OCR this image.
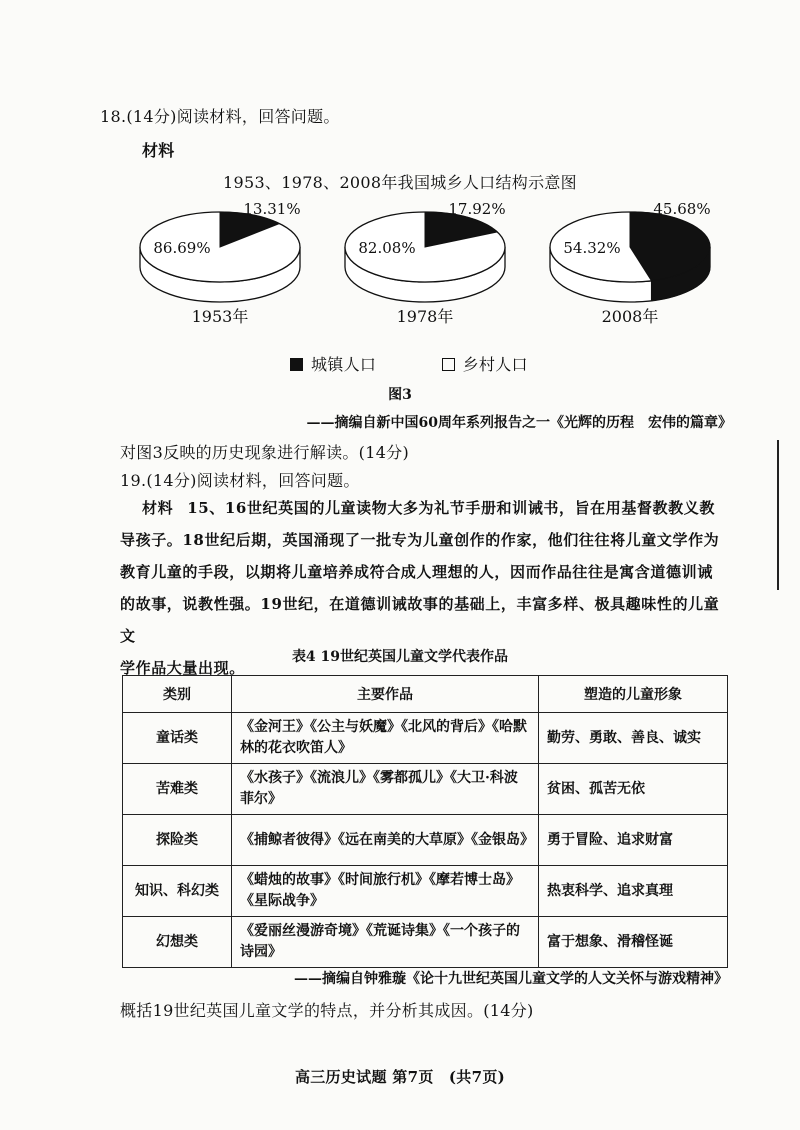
18.(14分)阅读材料，回答问题。
材料
1953、1978、2008年我国城乡人口结构示意图
13.31%
86.69%
1953年
17.92%
82.08%
1978年
45.68%
54.32%
2008年
城镇人口	乡村人口
图3
——摘编自新中国60周年系列报告之一《光辉的历程　宏伟的篇章》
对图3反映的历史现象进行解读。(14分)
19.(14分)阅读材料，回答问题。
材料 15、16世纪英国的儿童读物大多为礼节手册和训诫书，旨在用基督教教义教
导孩子。18世纪后期，英国涌现了一批专为儿童创作的作家，他们往往将儿童文学作为
教育儿童的手段，以期将儿童培养成符合成人理想的人，因而作品往往是寓含道德训诫
的故事，说教性强。19世纪，在道德训诫故事的基础上，丰富多样、极具趣味性的儿童文
学作品大量出现。
表4 19世纪英国儿童文学代表作品
类别	主要作品	塑造的儿童形象
童话类	《金河王》《公主与妖魔》《北风的背后》《哈默林的花衣吹笛人》	勤劳、勇敢、善良、诚实
苦难类	《水孩子》《流浪儿》《雾都孤儿》《大卫·科波菲尔》	贫困、孤苦无依
探险类	《捕鲸者彼得》《远在南美的大草原》《金银岛》	勇于冒险、追求财富
知识、科幻类	《蜡烛的故事》《时间旅行机》《摩若博士岛》《星际战争》	热衷科学、追求真理
幻想类	《爱丽丝漫游奇境》《荒诞诗集》《一个孩子的诗园》	富于想象、滑稽怪诞
——摘编自钟雅璇《论十九世纪英国儿童文学的人文关怀与游戏精神》
概括19世纪英国儿童文学的特点，并分析其成因。(14分)
高三历史试题 第7页　(共7页)
